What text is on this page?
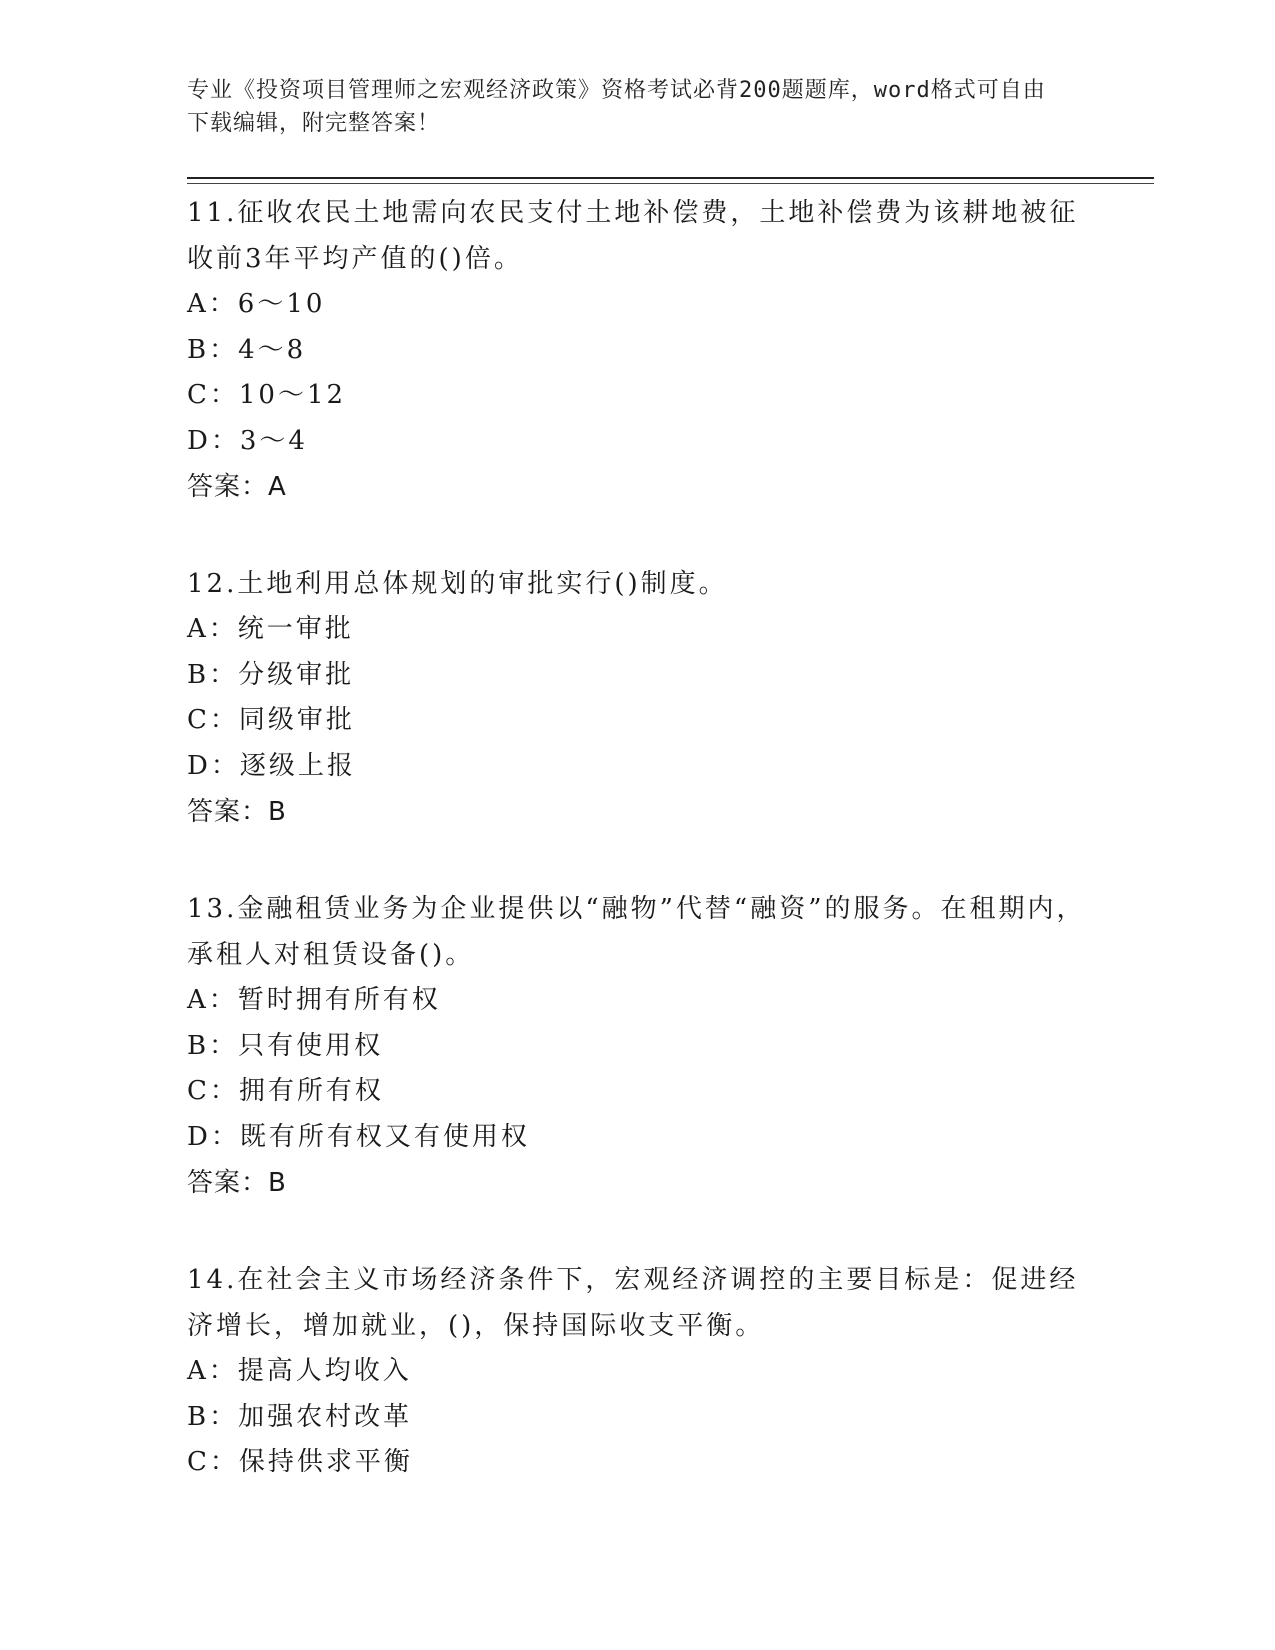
专业《投资项目管理师之宏观经济政策》资格考试必背200题题库，word格式可自由下载编辑，附完整答案！
11.征收农民土地需向农民支付土地补偿费，土地补偿费为该耕地被征收前3年平均产值的()倍。
A：6～10
B：4～8
C：10～12
D：3～4
答案：A
12.土地利用总体规划的审批实行()制度。
A：统一审批
B：分级审批
C：同级审批
D：逐级上报
答案：B
13.金融租赁业务为企业提供以“融物”代替“融资”的服务。在租期内，承租人对租赁设备()。
A：暂时拥有所有权
B：只有使用权
C：拥有所有权
D：既有所有权又有使用权
答案：B
14.在社会主义市场经济条件下，宏观经济调控的主要目标是：促进经济增长，增加就业，()，保持国际收支平衡。
A：提高人均收入
B：加强农村改革
C：保持供求平衡
